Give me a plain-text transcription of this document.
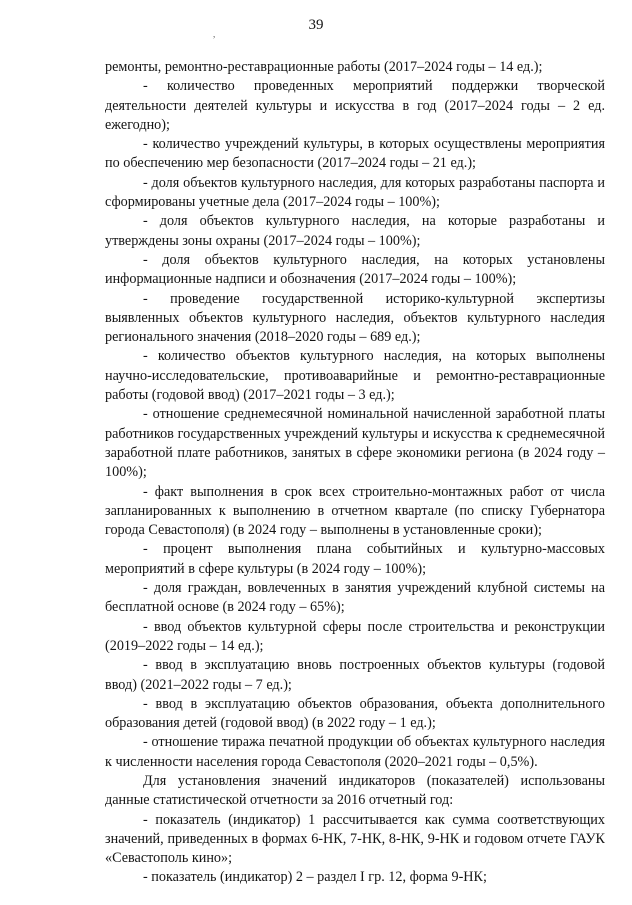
39
,

ремонты, ремонтно-реставрационные работы (2017–2024 годы – 14 ед.);

- количество проведенных мероприятий поддержки творческой деятельности деятелей культуры и искусства в год (2017–2024 годы – 2 ед. ежегодно);

- количество учреждений культуры, в которых осуществлены мероприятия по обеспечению мер безопасности (2017–2024 годы – 21 ед.);

- доля объектов культурного наследия, для которых разработаны паспорта и сформированы учетные дела (2017–2024 годы – 100%);

- доля объектов культурного наследия, на которые разработаны и утверждены зоны охраны (2017–2024 годы – 100%);

- доля объектов культурного наследия, на которых установлены информационные надписи и обозначения (2017–2024 годы – 100%);

- проведение государственной историко-культурной экспертизы выявленных объектов культурного наследия, объектов культурного наследия регионального значения (2018–2020 годы – 689 ед.);

- количество объектов культурного наследия, на которых выполнены научно-исследовательские, противоаварийные и ремонтно-реставрационные работы (годовой ввод) (2017–2021 годы – 3 ед.);

- отношение среднемесячной номинальной начисленной заработной платы работников государственных учреждений культуры и искусства к среднемесячной заработной плате работников, занятых в сфере экономики региона (в 2024 году – 100%);

- факт выполнения в срок всех строительно-монтажных работ от числа запланированных к выполнению в отчетном квартале (по списку Губернатора города Севастополя) (в 2024 году – выполнены в установленные сроки);

- процент выполнения плана событийных и культурно-массовых мероприятий в сфере культуры (в 2024 году – 100%);

- доля граждан, вовлеченных в занятия учреждений клубной системы на бесплатной основе (в 2024 году – 65%);

- ввод объектов культурной сферы после строительства и реконструкции (2019–2022 годы – 14 ед.);

- ввод в эксплуатацию вновь построенных объектов культуры (годовой ввод) (2021–2022 годы – 7 ед.);

- ввод в эксплуатацию объектов образования, объекта дополнительного образования детей (годовой ввод) (в 2022 году – 1 ед.);

- отношение тиража печатной продукции об объектах культурного наследия к численности населения города Севастополя (2020–2021 годы – 0,5%).

Для установления значений индикаторов (показателей) использованы данные статистической отчетности за 2016 отчетный год:

- показатель (индикатор) 1 рассчитывается как сумма соответствующих значений, приведенных в формах 6-НК, 7-НК, 8-НК, 9-НК и годовом отчете ГАУК «Севастополь кино»;

- показатель (индикатор) 2 – раздел I гр. 12, форма 9-НК;
